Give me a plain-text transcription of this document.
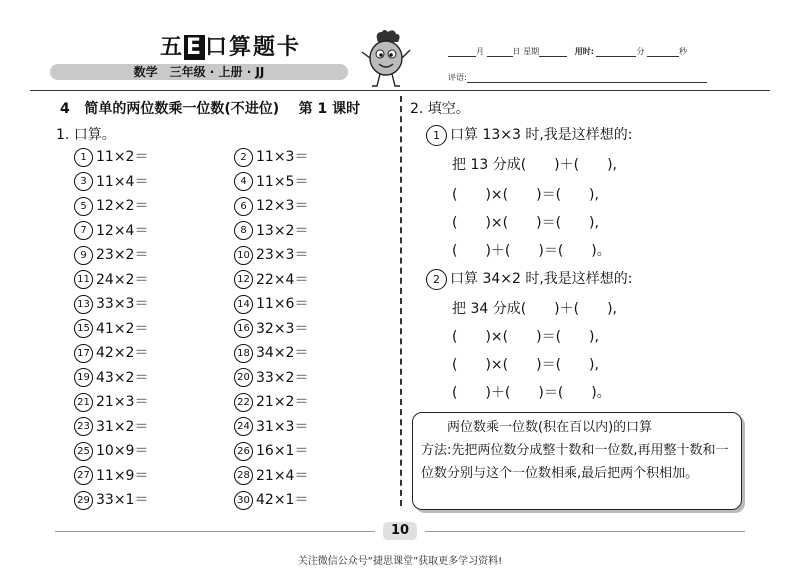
五E口算题卡
数学　三年级 · 上册 · JJ
月	日 星期	用时:	分	秒
评语:
4 简单的两位数乘一位数(不进位) 第 1 课时
1. 口算。
1 11×2＝	2 11×3＝
3 11×4＝	4 11×5＝
5 12×2＝	6 12×3＝
7 12×4＝	8 13×2＝
9 23×2＝	10 23×3＝
11 24×2＝	12 22×4＝
13 33×3＝	14 11×6＝
15 41×2＝	16 32×3＝
17 42×2＝	18 34×2＝
19 43×2＝	20 33×2＝
21 21×3＝	22 21×2＝
23 31×2＝	24 31×3＝
25 10×9＝	26 16×1＝
27 11×9＝	28 21×4＝
29 33×1＝	30 42×1＝
2. 填空。
1 口算 13×3 时,我是这样想的:
把 13 分成(　　)＋(　　),
(　　)×(　　)＝(　　),
(　　)×(　　)＝(　　),
(　　)＋(　　)＝(　　)。
2 口算 34×2 时,我是这样想的:
把 34 分成(　　)＋(　　),
(　　)×(　　)＝(　　),
(　　)×(　　)＝(　　),
(　　)＋(　　)＝(　　)。

两位数乘一位数(积在百以内)的口算

方法:先把两位数分成整十数和一位数,再用整十数和一位数分别与这个一位数相乘,最后把两个积相加。
10
关注微信公众号“捷思课堂”获取更多学习资料!
